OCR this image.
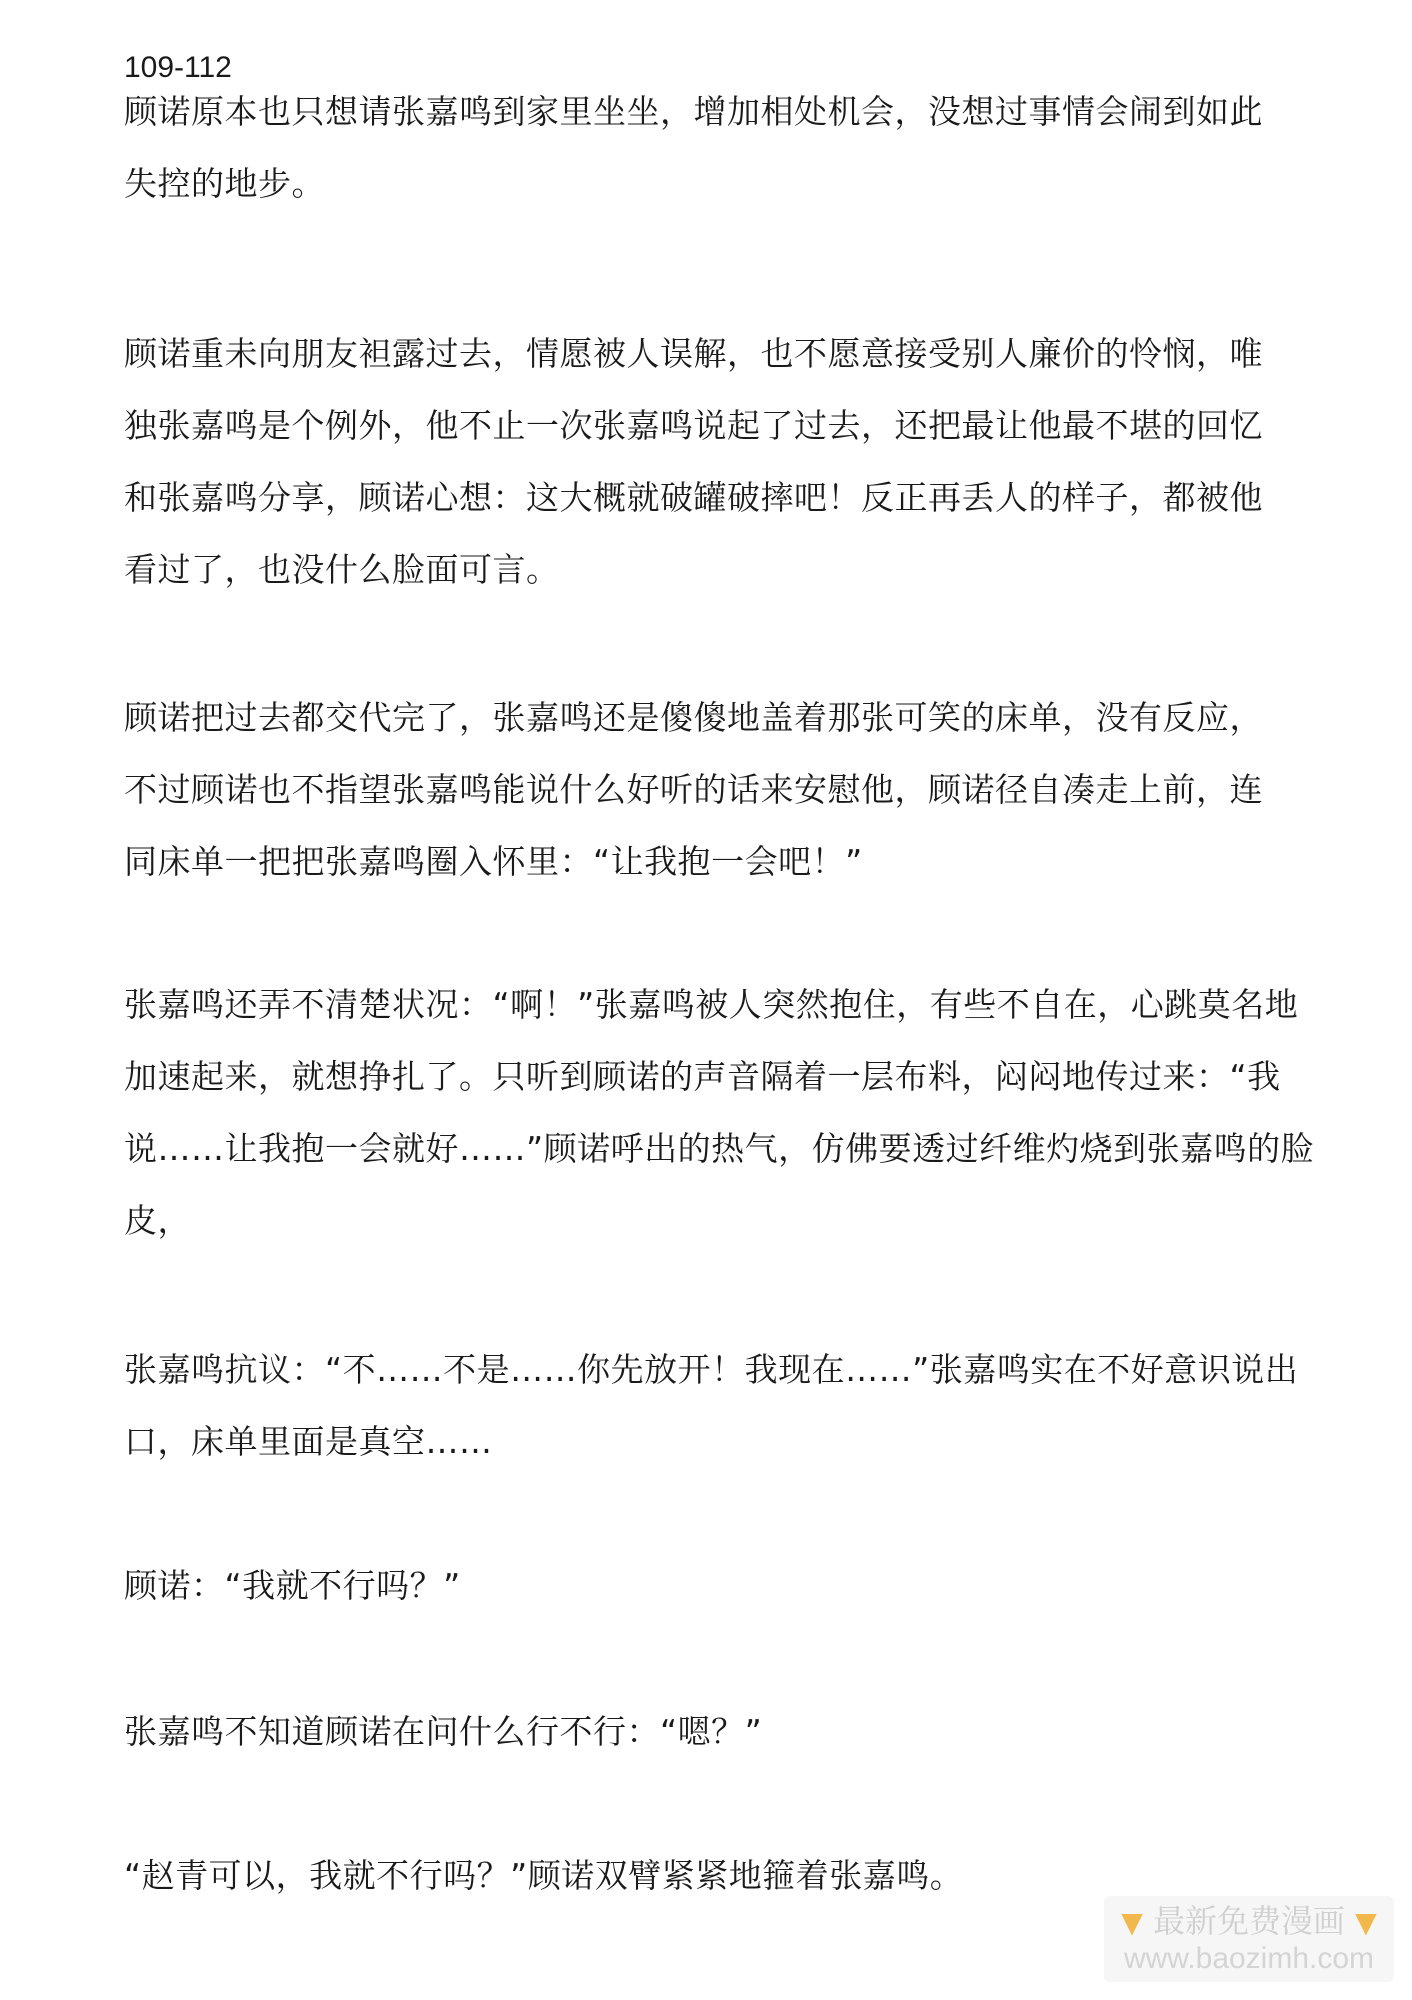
109-112
顾诺原本也只想请张嘉鸣到家里坐坐，增加相处机会，没想过事情会闹到如此
失控的地步。
顾诺重未向朋友袒露过去，情愿被人误解，也不愿意接受别人廉价的怜悯，唯
独张嘉鸣是个例外，他不止一次张嘉鸣说起了过去，还把最让他最不堪的回忆
和张嘉鸣分享，顾诺心想：这大概就破罐破摔吧！反正再丢人的样子，都被他
看过了，也没什么脸面可言。
顾诺把过去都交代完了，张嘉鸣还是傻傻地盖着那张可笑的床单，没有反应，
不过顾诺也不指望张嘉鸣能说什么好听的话来安慰他，顾诺径自凑走上前，连
同床单一把把张嘉鸣圈入怀里：“让我抱一会吧！”
张嘉鸣还弄不清楚状况：“啊！”张嘉鸣被人突然抱住，有些不自在，心跳莫名地
加速起来，就想挣扎了。只听到顾诺的声音隔着一层布料，闷闷地传过来：“我
说……让我抱一会就好……”顾诺呼出的热气，仿佛要透过纤维灼烧到张嘉鸣的脸
皮，
张嘉鸣抗议：“不……不是……你先放开！我现在……”张嘉鸣实在不好意识说出
口，床单里面是真空……
顾诺：“我就不行吗？”
张嘉鸣不知道顾诺在问什么行不行：“嗯？”
“赵青可以，我就不行吗？”顾诺双臂紧紧地箍着张嘉鸣。
▼ 最新免费漫画 ▼
www.baozimh.com
